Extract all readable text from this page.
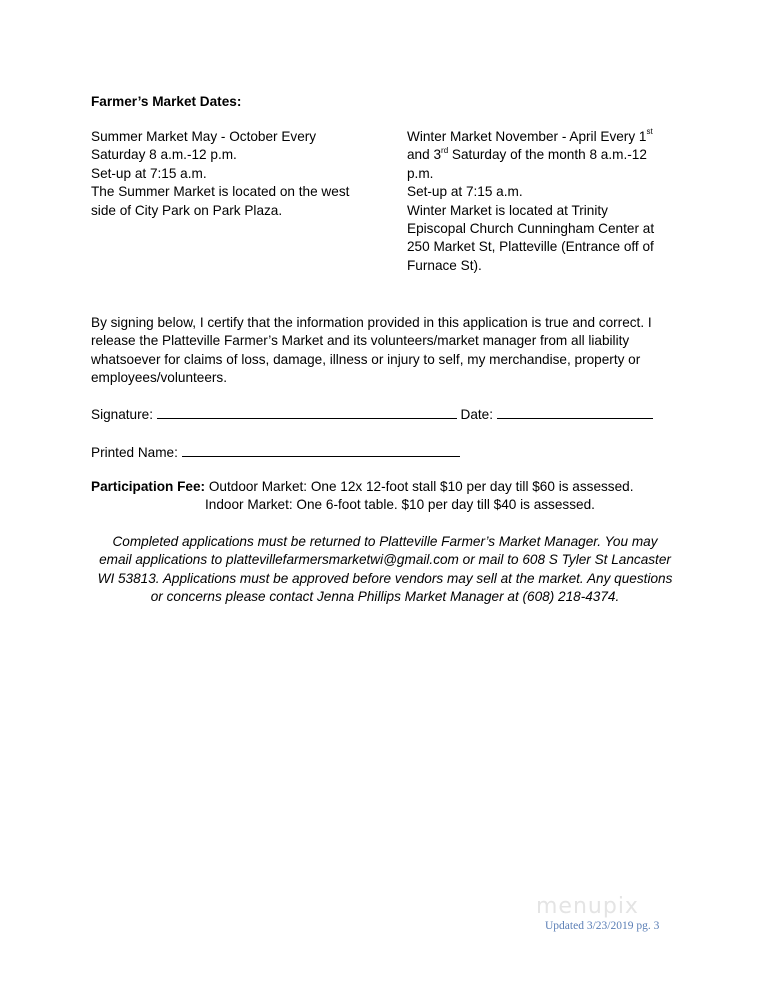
Farmer’s Market Dates:
Summer Market May - October Every
Saturday 8 a.m.-12 p.m.
Set-up at 7:15 a.m.
The Summer Market is located on the west
side of City Park on Park Plaza.
Winter Market November - April Every 1st
and 3rd Saturday of the month 8 a.m.-12
p.m.
Set-up at 7:15 a.m.
Winter Market is located at Trinity
Episcopal Church Cunningham Center at
250 Market St, Platteville (Entrance off of
Furnace St).
By signing below, I certify that the information provided in this application is true and correct. I
release the Platteville Farmer’s Market and its volunteers/market manager from all liability
whatsoever for claims of loss, damage, illness or injury to self, my merchandise, property or
employees/volunteers.
Signature:	Date:
Printed Name:
Participation Fee: Outdoor Market: One 12x 12-foot stall $10 per day till $60 is assessed.
Indoor Market: One 6-foot table. $10 per day till $40 is assessed.
Completed applications must be returned to Platteville Farmer’s Market Manager. You may
email applications to plattevillefarmersmarketwi@gmail.com or mail to 608 S Tyler St Lancaster
WI 53813. Applications must be approved before vendors may sell at the market. Any questions
or concerns please contact Jenna Phillips Market Manager at (608) 218-4374.
menupix
Updated 3/23/2019 pg. 3
